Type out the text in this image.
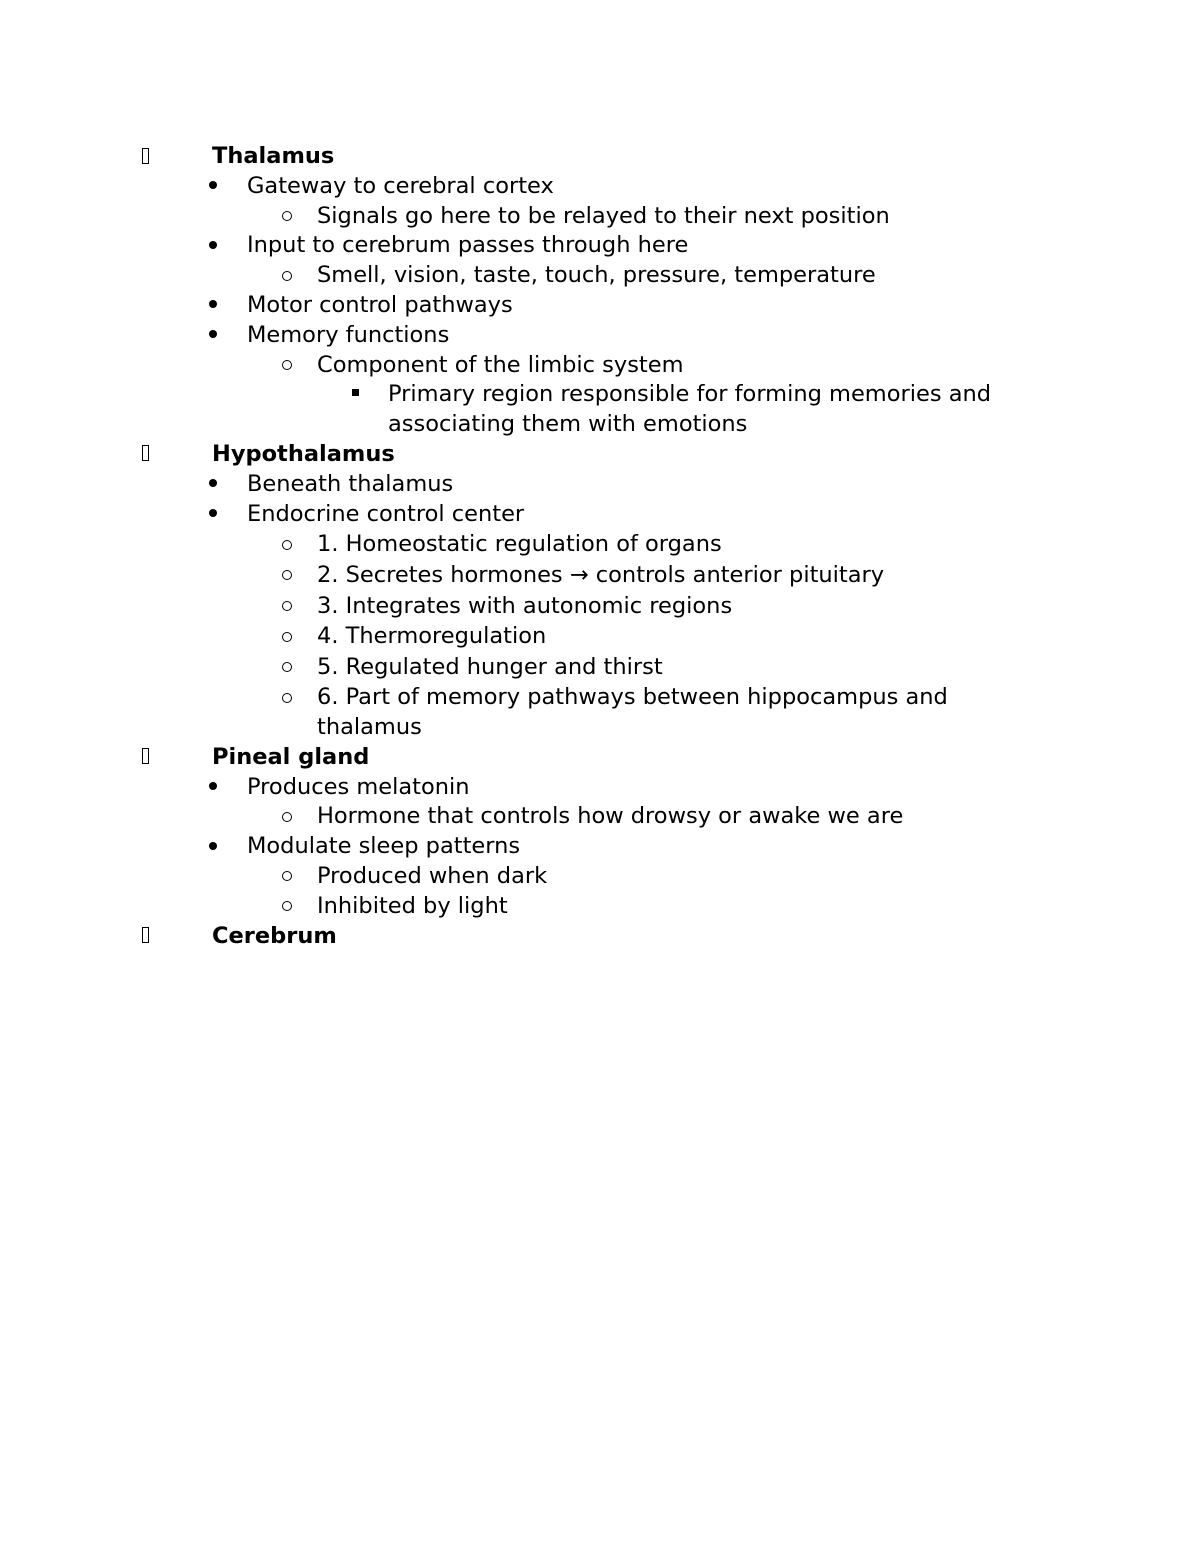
Thalamus
Gateway to cerebral cortex
Signals go here to be relayed to their next position
Input to cerebrum passes through here
Smell, vision, taste, touch, pressure, temperature
Motor control pathways
Memory functions
Component of the limbic system
Primary region responsible for forming memories and
associating them with emotions
Hypothalamus
Beneath thalamus
Endocrine control center
1. Homeostatic regulation of organs
2. Secretes hormones → controls anterior pituitary
3. Integrates with autonomic regions
4. Thermoregulation
5. Regulated hunger and thirst
6. Part of memory pathways between hippocampus and
thalamus
Pineal gland
Produces melatonin
Hormone that controls how drowsy or awake we are
Modulate sleep patterns
Produced when dark
Inhibited by light
Cerebrum
